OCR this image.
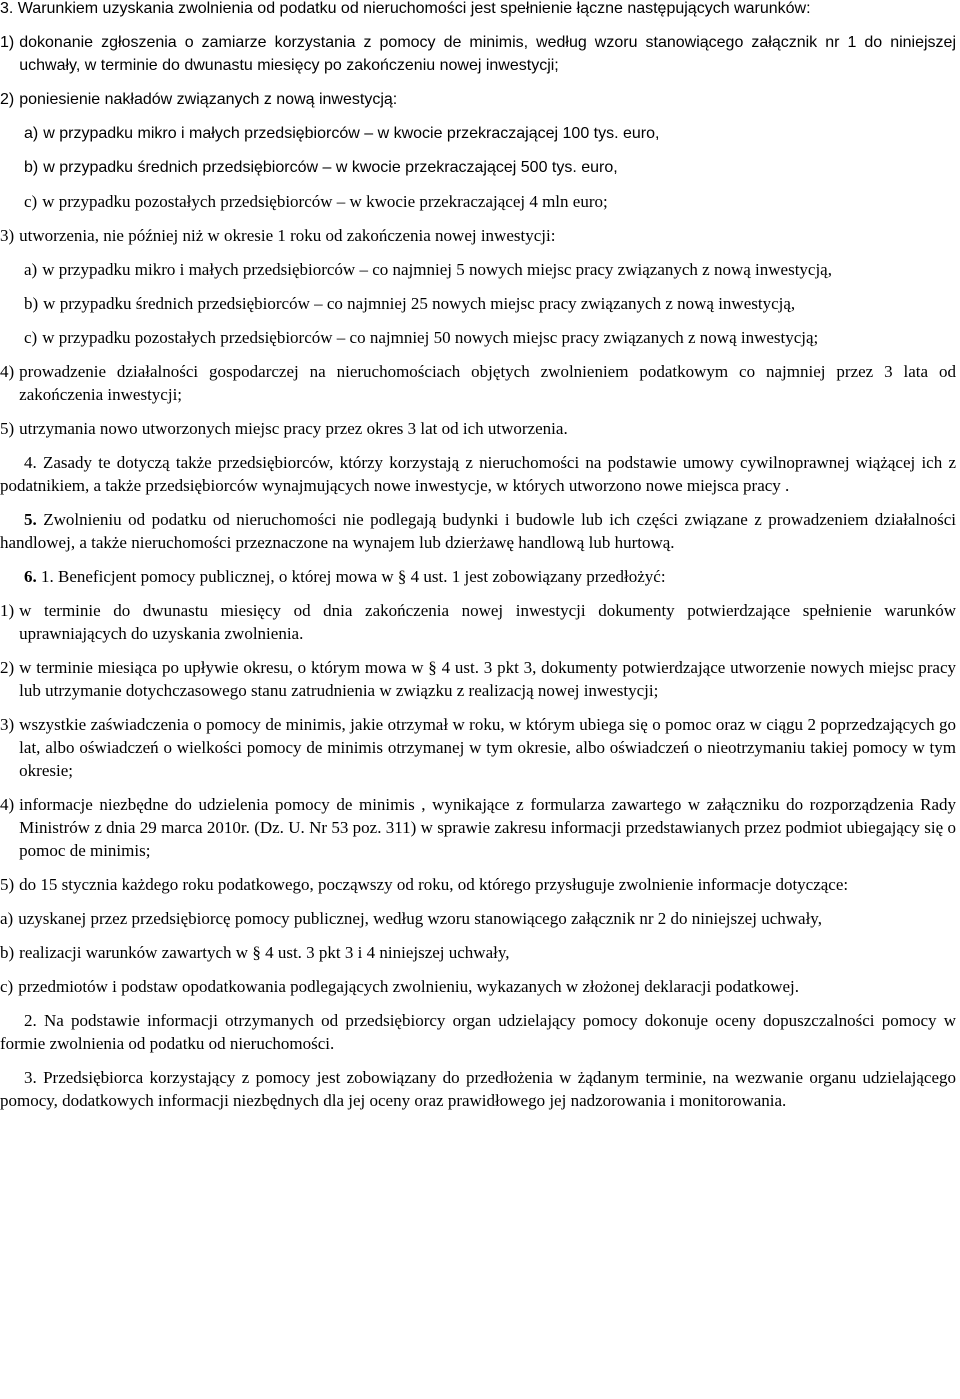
3. Warunkiem uzyskania zwolnienia od podatku od nieruchomości jest spełnienie łączne następujących warunków:

1) dokonanie zgłoszenia o zamiarze korzystania z pomocy de minimis, według wzoru stanowiącego załącznik nr 1 do niniejszej uchwały, w terminie do dwunastu miesięcy po zakończeniu nowej inwestycji;
2) poniesienie nakładów związanych z nową inwestycją:
a) w przypadku mikro i małych przedsiębiorców – w kwocie przekraczającej 100 tys. euro,
b) w przypadku średnich przedsiębiorców – w kwocie przekraczającej 500 tys. euro,
c) w przypadku pozostałych przedsiębiorców – w kwocie przekraczającej 4 mln euro;
3) utworzenia, nie później niż w okresie 1 roku od zakończenia nowej inwestycji:
a) w przypadku mikro i małych przedsiębiorców – co najmniej 5 nowych miejsc pracy związanych z nową inwestycją,
b) w przypadku średnich przedsiębiorców – co najmniej 25 nowych miejsc pracy związanych z nową inwestycją,
c) w przypadku pozostałych przedsiębiorców – co najmniej 50 nowych miejsc pracy związanych z nową inwestycją;
4) prowadzenie działalności gospodarczej na nieruchomościach objętych zwolnieniem podatkowym co najmniej przez 3 lata od zakończenia inwestycji;
5) utrzymania nowo utworzonych miejsc pracy przez okres 3 lat od ich utworzenia.

4. Zasady te dotyczą także przedsiębiorców, którzy korzystają z nieruchomości na podstawie umowy cywilnoprawnej wiążącej ich z podatnikiem, a także przedsiębiorców wynajmujących nowe inwestycje, w których utworzono nowe miejsca pracy .

5. Zwolnieniu od podatku od nieruchomości nie podlegają budynki i budowle lub ich części związane z prowadzeniem działalności handlowej, a także nieruchomości przeznaczone na wynajem lub dzierżawę handlową lub hurtową.

6. 1. Beneficjent pomocy publicznej, o której mowa w § 4 ust. 1 jest zobowiązany przedłożyć:

1) w terminie do dwunastu miesięcy od dnia zakończenia nowej inwestycji dokumenty potwierdzające spełnienie warunków uprawniających do uzyskania zwolnienia.
2) w terminie miesiąca po upływie okresu, o którym mowa w § 4 ust. 3 pkt 3, dokumenty potwierdzające utworzenie nowych miejsc pracy lub utrzymanie dotychczasowego stanu zatrudnienia w związku z realizacją nowej inwestycji;
3) wszystkie zaświadczenia o pomocy de minimis, jakie otrzymał w roku, w którym ubiega się o pomoc oraz w ciągu 2 poprzedzających go lat, albo oświadczeń o wielkości pomocy de minimis otrzymanej w tym okresie, albo oświadczeń o nieotrzymaniu takiej pomocy w tym okresie;
4) informacje niezbędne do udzielenia pomocy de minimis , wynikające z formularza zawartego w załączniku do rozporządzenia Rady Ministrów z dnia 29 marca 2010r. (Dz. U. Nr 53 poz. 311) w sprawie zakresu informacji przedstawianych przez podmiot ubiegający się o pomoc de minimis;
5) do 15 stycznia każdego roku podatkowego, począwszy od roku, od którego przysługuje zwolnienie informacje dotyczące:
a) uzyskanej przez przedsiębiorcę pomocy publicznej, według wzoru stanowiącego załącznik nr 2 do niniejszej uchwały,
b) realizacji warunków zawartych w § 4 ust. 3 pkt 3 i 4 niniejszej uchwały,
c) przedmiotów i podstaw opodatkowania podlegających zwolnieniu, wykazanych w złożonej deklaracji podatkowej.

2. Na podstawie informacji otrzymanych od przedsiębiorcy organ udzielający pomocy dokonuje oceny dopuszczalności pomocy w formie zwolnienia od podatku od nieruchomości.

3. Przedsiębiorca korzystający z pomocy jest zobowiązany do przedłożenia w żądanym terminie, na wezwanie organu udzielającego pomocy, dodatkowych informacji niezbędnych dla jej oceny oraz prawidłowego jej nadzorowania i monitorowania.
